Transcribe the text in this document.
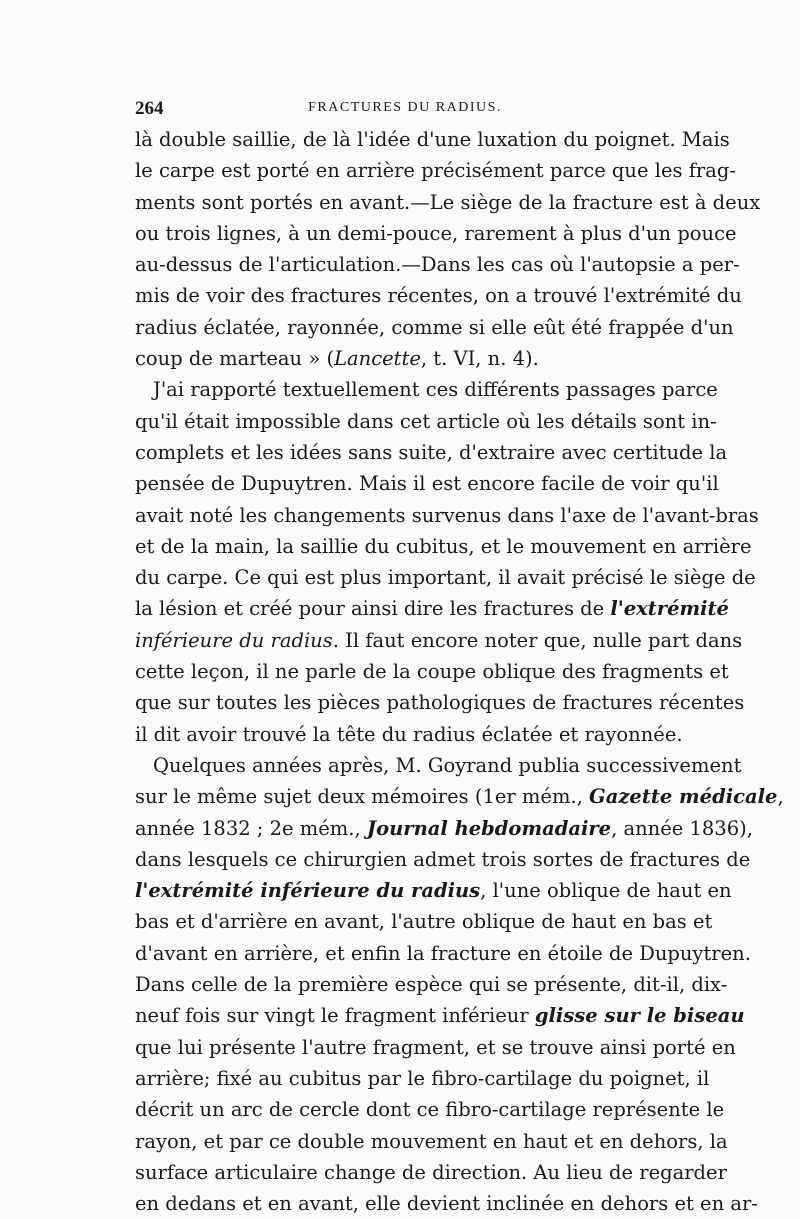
264	FRACTURES DU RADIUS.
là double saillie, de là l'idée d'une luxation du poignet. Mais
le carpe est porté en arrière précisément parce que les frag-
ments sont portés en avant.—Le siège de la fracture est à deux
ou trois lignes, à un demi-pouce, rarement à plus d'un pouce
au-dessus de l'articulation.—Dans les cas où l'autopsie a per-
mis de voir des fractures récentes, on a trouvé l'extrémité du
radius éclatée, rayonnée, comme si elle eût été frappée d'un
coup de marteau » (Lancette, t. VI, n. 4).
J'ai rapporté textuellement ces différents passages parce
qu'il était impossible dans cet article où les détails sont in-
complets et les idées sans suite, d'extraire avec certitude la
pensée de Dupuytren. Mais il est encore facile de voir qu'il
avait noté les changements survenus dans l'axe de l'avant-bras
et de la main, la saillie du cubitus, et le mouvement en arrière
du carpe. Ce qui est plus important, il avait précisé le siège de
la lésion et créé pour ainsi dire les fractures de l'extrémité
inférieure du radius. Il faut encore noter que, nulle part dans
cette leçon, il ne parle de la coupe oblique des fragments et
que sur toutes les pièces pathologiques de fractures récentes
il dit avoir trouvé la tête du radius éclatée et rayonnée.
Quelques années après, M. Goyrand publia successivement
sur le même sujet deux mémoires (1er mém., Gazette médicale,
année 1832 ; 2e mém., Journal hebdomadaire, année 1836),
dans lesquels ce chirurgien admet trois sortes de fractures de
l'extrémité inférieure du radius, l'une oblique de haut en
bas et d'arrière en avant, l'autre oblique de haut en bas et
d'avant en arrière, et enfin la fracture en étoile de Dupuytren.
Dans celle de la première espèce qui se présente, dit-il, dix-
neuf fois sur vingt le fragment inférieur glisse sur le biseau
que lui présente l'autre fragment, et se trouve ainsi porté en
arrière; fixé au cubitus par le fibro-cartilage du poignet, il
décrit un arc de cercle dont ce fibro-cartilage représente le
rayon, et par ce double mouvement en haut et en dehors, la
surface articulaire change de direction. Au lieu de regarder
en dedans et en avant, elle devient inclinée en dehors et en ar-
